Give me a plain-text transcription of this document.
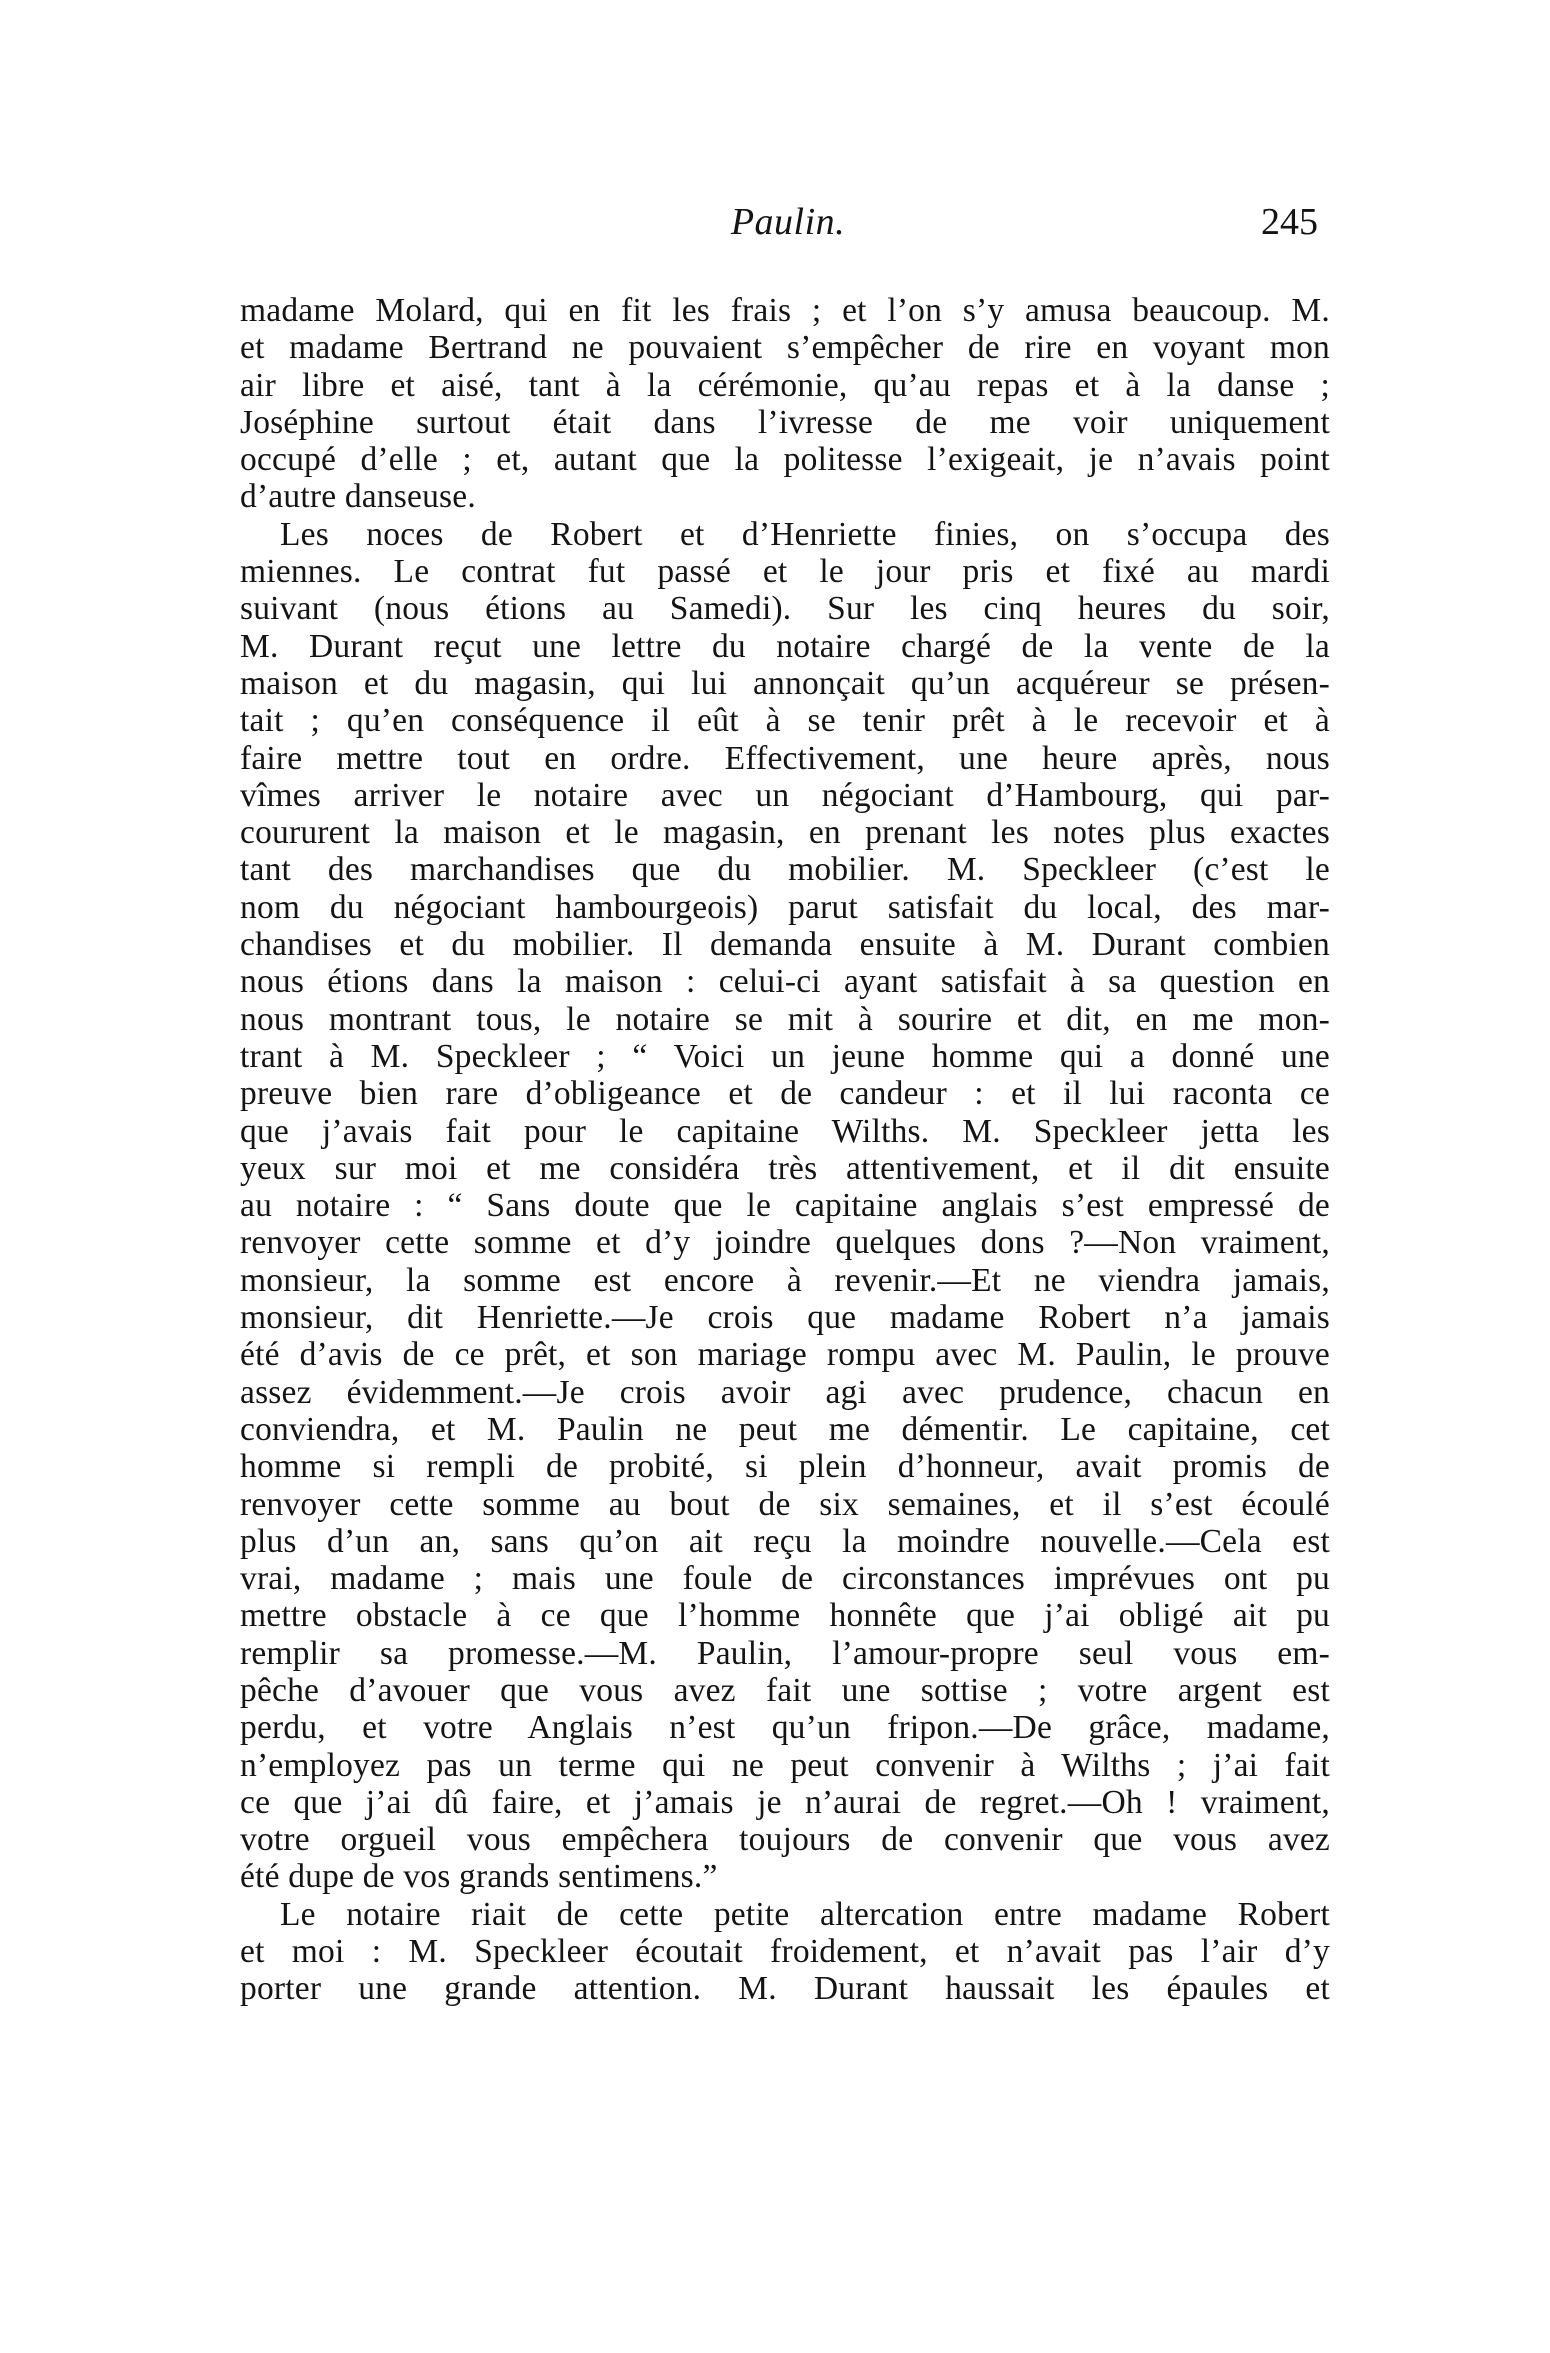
Paulin.	245

madame Molard, qui en fit les frais ; et l’on s’y amusa beaucoup. M.

et madame Bertrand ne pouvaient s’empêcher de rire en voyant mon

air libre et aisé, tant à la cérémonie, qu’au repas et à la danse ;

Joséphine surtout était dans l’ivresse de me voir uniquement

occupé d’elle ; et, autant que la politesse l’exigeait, je n’avais point

d’autre danseuse.

Les noces de Robert et d’Henriette finies, on s’occupa des

miennes. Le contrat fut passé et le jour pris et fixé au mardi

suivant (nous étions au Samedi). Sur les cinq heures du soir,

M. Durant reçut une lettre du notaire chargé de la vente de la

maison et du magasin, qui lui annonçait qu’un acquéreur se présen-

tait ; qu’en conséquence il eût à se tenir prêt à le recevoir et à

faire mettre tout en ordre. Effectivement, une heure après, nous

vîmes arriver le notaire avec un négociant d’Hambourg, qui par-

coururent la maison et le magasin, en prenant les notes plus exactes

tant des marchandises que du mobilier. M. Speckleer (c’est le

nom du négociant hambourgeois) parut satisfait du local, des mar-

chandises et du mobilier. Il demanda ensuite à M. Durant combien

nous étions dans la maison : celui-ci ayant satisfait à sa question en

nous montrant tous, le notaire se mit à sourire et dit, en me mon-

trant à M. Speckleer ; “ Voici un jeune homme qui a donné une

preuve bien rare d’obligeance et de candeur : et il lui raconta ce

que j’avais fait pour le capitaine Wilths. M. Speckleer jetta les

yeux sur moi et me considéra très attentivement, et il dit ensuite

au notaire : “ Sans doute que le capitaine anglais s’est empressé de

renvoyer cette somme et d’y joindre quelques dons ?—Non vraiment,

monsieur, la somme est encore à revenir.—Et ne viendra jamais,

monsieur, dit Henriette.—Je crois que madame Robert n’a jamais

été d’avis de ce prêt, et son mariage rompu avec M. Paulin, le prouve

assez évidemment.—Je crois avoir agi avec prudence, chacun en

conviendra, et M. Paulin ne peut me démentir. Le capitaine, cet

homme si rempli de probité, si plein d’honneur, avait promis de

renvoyer cette somme au bout de six semaines, et il s’est écoulé

plus d’un an, sans qu’on ait reçu la moindre nouvelle.—Cela est

vrai, madame ; mais une foule de circonstances imprévues ont pu

mettre obstacle à ce que l’homme honnête que j’ai obligé ait pu

remplir sa promesse.—M. Paulin, l’amour-propre seul vous em-

pêche d’avouer que vous avez fait une sottise ; votre argent est

perdu, et votre Anglais n’est qu’un fripon.—De grâce, madame,

n’employez pas un terme qui ne peut convenir à Wilths ; j’ai fait

ce que j’ai dû faire, et j’amais je n’aurai de regret.—Oh ! vraiment,

votre orgueil vous empêchera toujours de convenir que vous avez

été dupe de vos grands sentimens.”

Le notaire riait de cette petite altercation entre madame Robert

et moi : M. Speckleer écoutait froidement, et n’avait pas l’air d’y

porter une grande attention. M. Durant haussait les épaules et
